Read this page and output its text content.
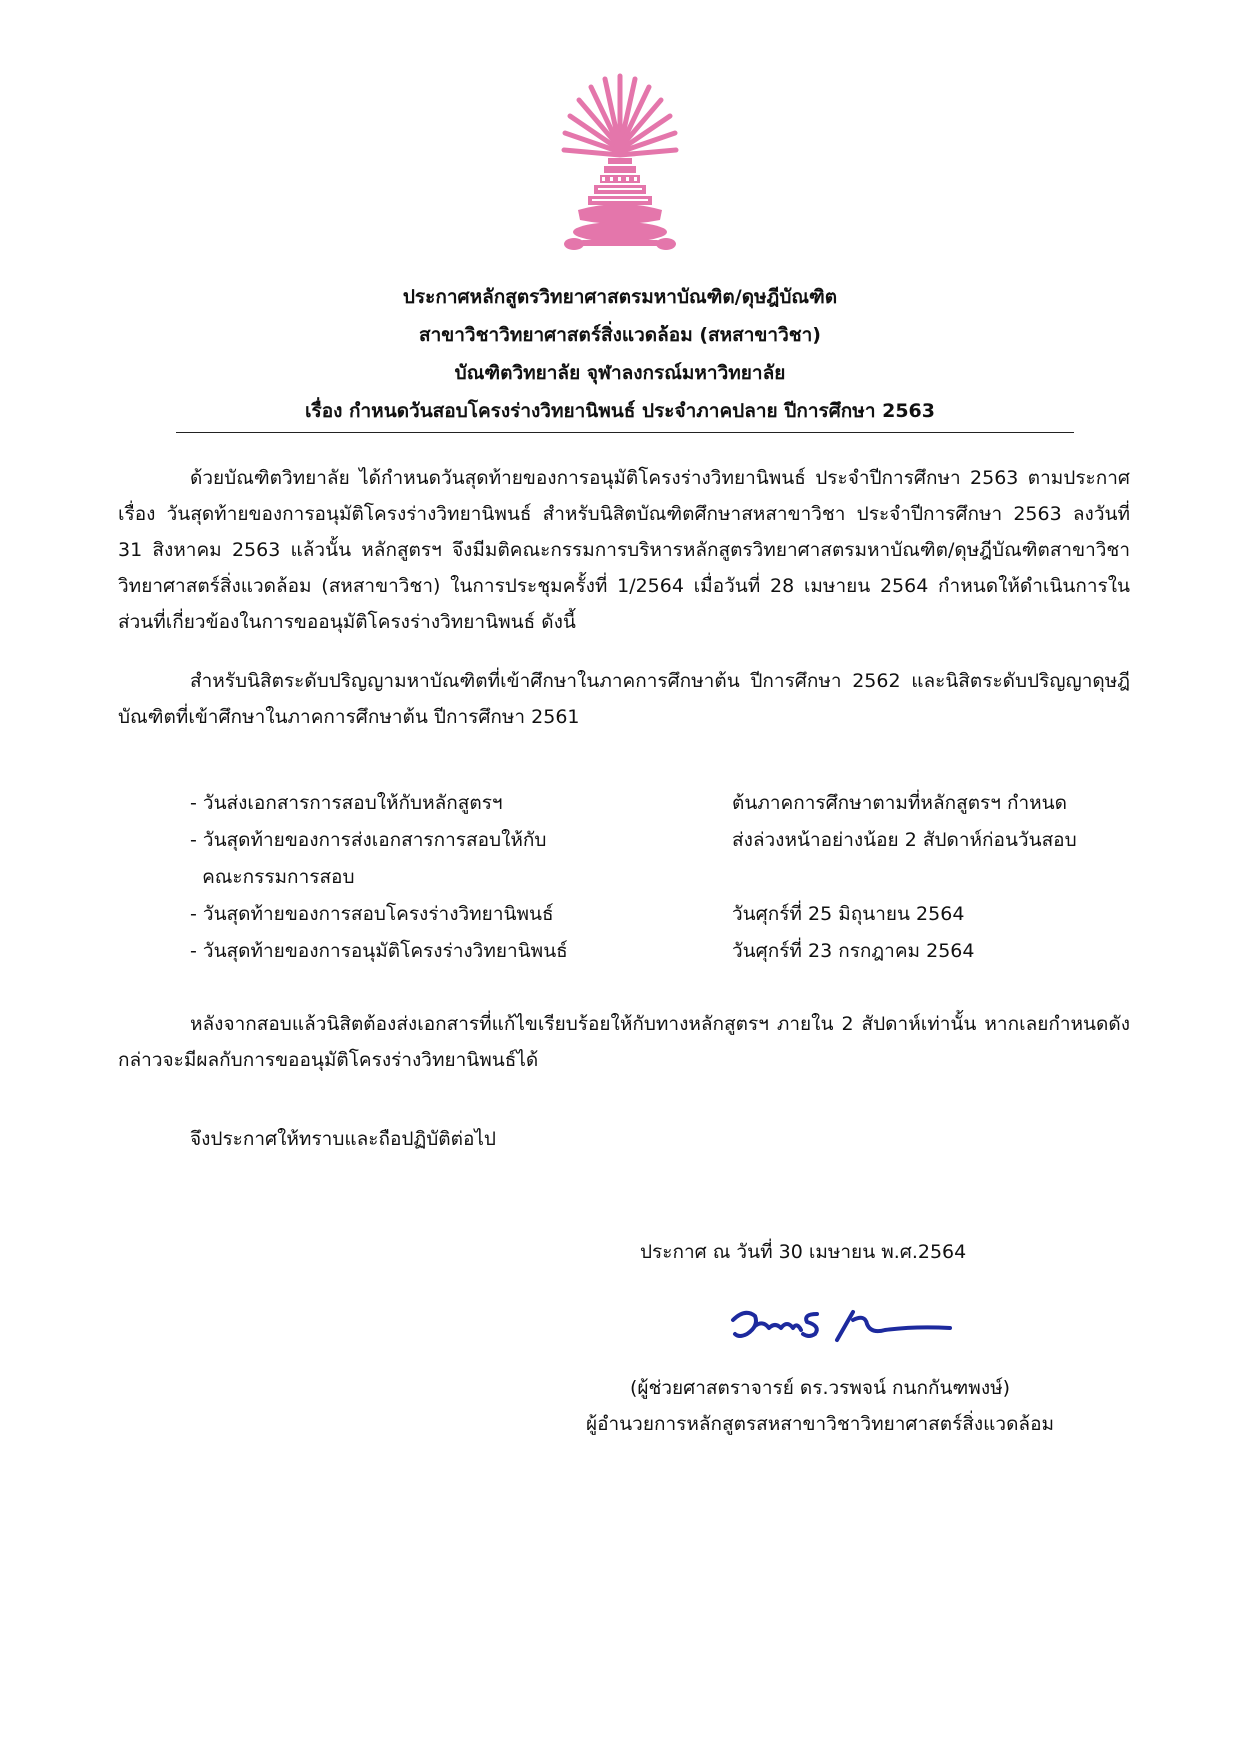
ประกาศหลักสูตรวิทยาศาสตรมหาบัณฑิต/ดุษฎีบัณฑิต
สาขาวิชาวิทยาศาสตร์สิ่งแวดล้อม (สหสาขาวิชา)
บัณฑิตวิทยาลัย จุฬาลงกรณ์มหาวิทยาลัย
เรื่อง กำหนดวันสอบโครงร่างวิทยานิพนธ์ ประจำภาคปลาย ปีการศึกษา 2563
ด้วยบัณฑิตวิทยาลัย ได้กำหนดวันสุดท้ายของการอนุมัติโครงร่างวิทยานิพนธ์ ประจำปีการศึกษา 2563 ตามประกาศ เรื่อง วันสุดท้ายของการอนุมัติโครงร่างวิทยานิพนธ์ สำหรับนิสิตบัณฑิตศึกษาสหสาขาวิชา ประจำปีการศึกษา 2563 ลงวันที่ 31 สิงหาคม 2563 แล้วนั้น หลักสูตรฯ จึงมีมติคณะกรรมการบริหารหลักสูตรวิทยาศาสตรมหาบัณฑิต/ดุษฎีบัณฑิตสาขาวิชาวิทยาศาสตร์สิ่งแวดล้อม (สหสาขาวิชา) ในการประชุมครั้งที่ 1/2564 เมื่อวันที่ 28 เมษายน 2564 กำหนดให้ดำเนินการในส่วนที่เกี่ยวข้องในการขออนุมัติโครงร่างวิทยานิพนธ์ ดังนี้
สำหรับนิสิตระดับปริญญามหาบัณฑิตที่เข้าศึกษาในภาคการศึกษาต้น ปีการศึกษา 2562 และนิสิตระดับปริญญาดุษฎีบัณฑิตที่เข้าศึกษาในภาคการศึกษาต้น ปีการศึกษา 2561
- วันส่งเอกสารการสอบให้กับหลักสูตรฯ	ต้นภาคการศึกษาตามที่หลักสูตรฯ กำหนด
- วันสุดท้ายของการส่งเอกสารการสอบให้กับ	ส่งล่วงหน้าอย่างน้อย 2 สัปดาห์ก่อนวันสอบ
คณะกรรมการสอบ
- วันสุดท้ายของการสอบโครงร่างวิทยานิพนธ์	วันศุกร์ที่ 25 มิถุนายน 2564
- วันสุดท้ายของการอนุมัติโครงร่างวิทยานิพนธ์	วันศุกร์ที่ 23 กรกฎาคม 2564
หลังจากสอบแล้วนิสิตต้องส่งเอกสารที่แก้ไขเรียบร้อยให้กับทางหลักสูตรฯ ภายใน 2 สัปดาห์เท่านั้น หากเลยกำหนดดังกล่าวจะมีผลกับการขออนุมัติโครงร่างวิทยานิพนธ์ได้
จึงประกาศให้ทราบและถือปฏิบัติต่อไป
ประกาศ ณ วันที่ 30 เมษายน พ.ศ.2564
(ผู้ช่วยศาสตราจารย์ ดร.วรพจน์ กนกกันฑพงษ์)
ผู้อำนวยการหลักสูตรสหสาขาวิชาวิทยาศาสตร์สิ่งแวดล้อม
